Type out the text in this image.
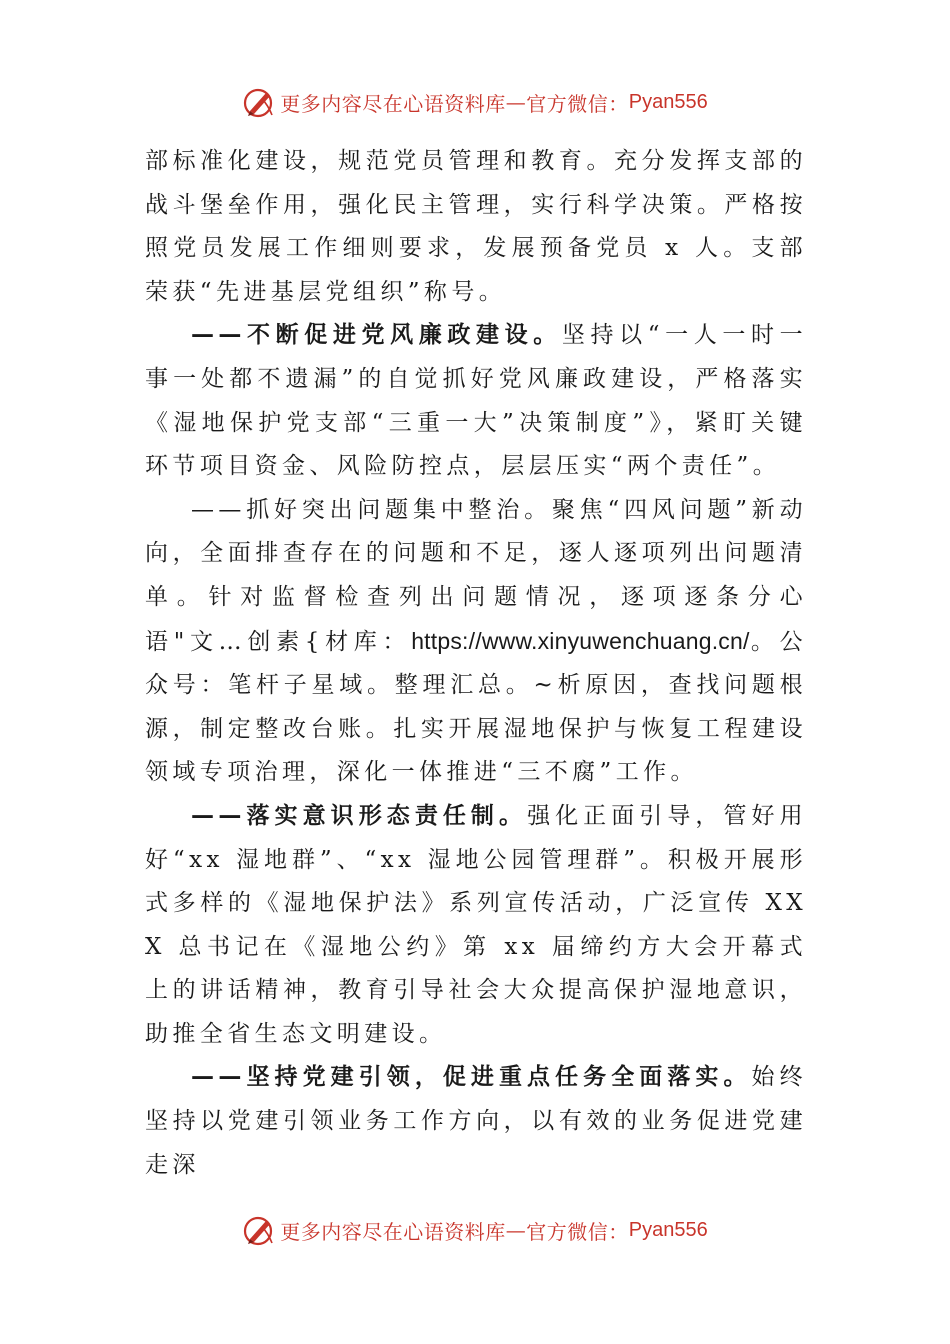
更多内容尽在心语资料库 — 官方微信： Pyan556

部标准化建设，规范党员管理和教育。充分发挥支部的战斗堡垒作用，强化民主管理，实行科学决策。严格按照党员发展工作细则要求，发展预备党员 x 人。支部荣获“先进基层党组织”称号。

——不断促进党风廉政建设。坚持以“一人一时一事一处都不遗漏”的自觉抓好党风廉政建设，严格落实《湿地保护党支部“三重一大”决策制度”》，紧盯关键环节项目资金、风险防控点，层层压实“两个责任”。

——抓好突出问题集中整治。聚焦“四风问题”新动向，全面排查存在的问题和不足，逐人逐项列出问题清单。针对监督检查列出问题情况，逐项逐条分心语"文…创素{材库：https://www.xinyuwenchuang.cn/。公众号：笔杆子星域。整理汇总。~析原因，查找问题根源，制定整改台账。扎实开展湿地保护与恢复工程建设领域专项治理，深化一体推进“三不腐”工作。

——落实意识形态责任制。强化正面引导，管好用好“xx 湿地群”、“xx 湿地公园管理群”。积极开展形式多样的《湿地保护法》系列宣传活动，广泛宣传 XXX 总书记在《湿地公约》第 xx 届缔约方大会开幕式上的讲话精神，教育引导社会大众提高保护湿地意识，助推全省生态文明建设。

——坚持党建引领，促进重点任务全面落实。始终坚持以党建引领业务工作方向，以有效的业务促进党建走深

更多内容尽在心语资料库 — 官方微信： Pyan556
